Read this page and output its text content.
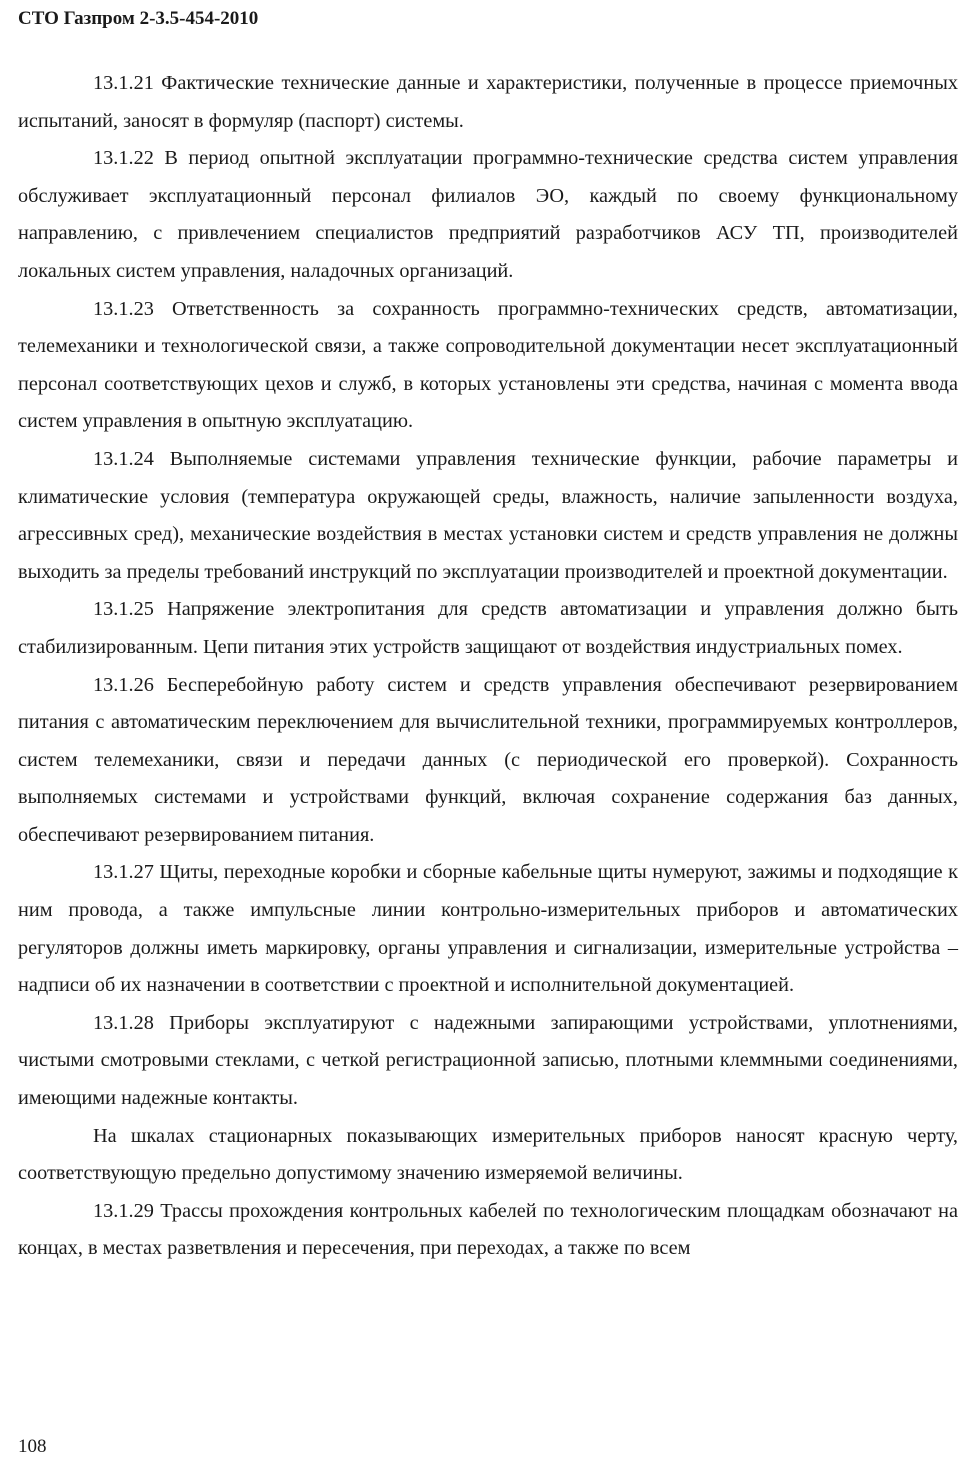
СТО Газпром 2-3.5-454-2010

13.1.21 Фактические технические данные и характеристики, полученные в процессе приемочных испытаний, заносят в формуляр (паспорт) системы.

13.1.22 В период опытной эксплуатации программно-технические средства систем управления обслуживает эксплуатационный персонал филиалов ЭО, каждый по своему функциональному направлению, с привлечением специалистов предприятий разработчиков АСУ ТП, производителей локальных систем управления, наладочных организаций.

13.1.23 Ответственность за сохранность программно-технических средств, автоматизации, телемеханики и технологической связи, а также сопроводительной документации несет эксплуатационный персонал соответствующих цехов и служб, в которых установлены эти средства, начиная с момента ввода систем управления в опытную эксплуатацию.

13.1.24 Выполняемые системами управления технические функции, рабочие параметры и климатические условия (температура окружающей среды, влажность, наличие запыленности воздуха, агрессивных сред), механические воздействия в местах установки систем и средств управления не должны выходить за пределы требований инструкций по эксплуатации производителей и проектной документации.

13.1.25 Напряжение электропитания для средств автоматизации и управления должно быть стабилизированным. Цепи питания этих устройств защищают от воздействия индустриальных помех.

13.1.26 Бесперебойную работу систем и средств управления обеспечивают резервированием питания с автоматическим переключением для вычислительной техники, программируемых контроллеров, систем телемеханики, связи и передачи данных (с периодической его проверкой). Сохранность выполняемых системами и устройствами функций, включая сохранение содержания баз данных, обеспечивают резервированием питания.

13.1.27 Щиты, переходные коробки и сборные кабельные щиты нумеруют, зажимы и подходящие к ним провода, а также импульсные линии контрольно-измерительных приборов и автоматических регуляторов должны иметь маркировку, органы управления и сигнализации, измерительные устройства – надписи об их назначении в соответствии с проектной и исполнительной документацией.

13.1.28 Приборы эксплуатируют с надежными запирающими устройствами, уплотнениями, чистыми смотровыми стеклами, с четкой регистрационной записью, плотными клеммными соединениями, имеющими надежные контакты.

На шкалах стационарных показывающих измерительных приборов наносят красную черту, соответствующую предельно допустимому значению измеряемой величины.

13.1.29 Трассы прохождения контрольных кабелей по технологическим площадкам обозначают на концах, в местах разветвления и пересечения, при переходах, а также по всем

108
